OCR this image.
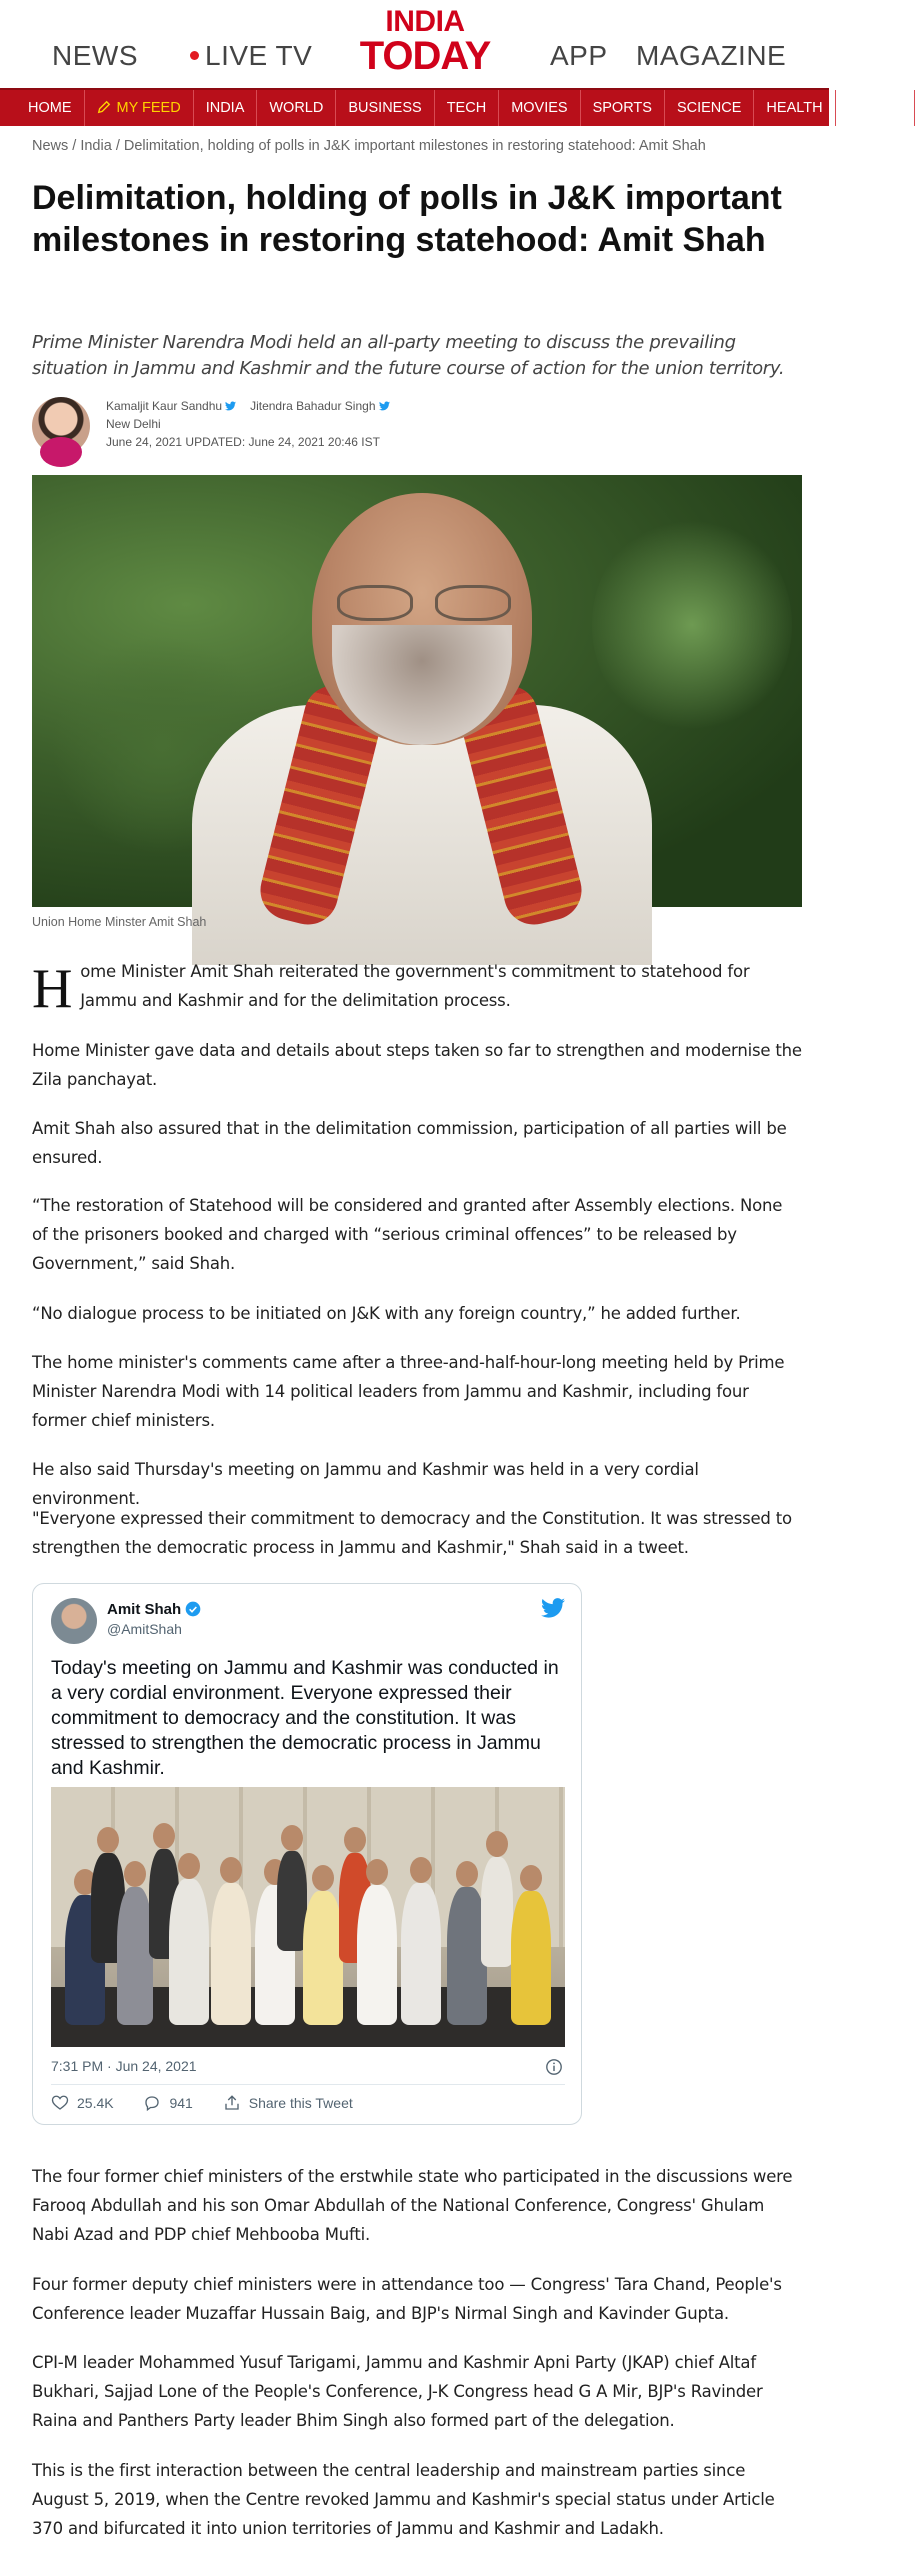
NEWS	LIVE TV
INDIA
TODAY	APP MAGAZINE
HOME	MY FEED INDIA WORLD BUSINESS TECH MOVIES SPORTS SCIENCE HEALTH VIDEOS
News / India / Delimitation, holding of polls in J&K important milestones in restoring statehood: Amit Shah
Delimitation, holding of polls in J&K important milestones in restoring statehood: Amit Shah

Prime Minister Narendra Modi held an all-party meeting to discuss the prevailing situation in Jammu and Kashmir and the future course of action for the union territory.

Kamaljit Kaur Sandhu Jitendra Bahadur Singh
New Delhi
June 24, 2021 UPDATED: June 24, 2021 20:46 IST
Union Home Minster Amit Shah
Home Minister Amit Shah reiterated the government's commitment to statehood for Jammu and Kashmir and for the delimitation process.
Home Minister gave data and details about steps taken so far to strengthen and modernise the Zila panchayat.
Amit Shah also assured that in the delimitation commission, participation of all parties will be ensured.
“The restoration of Statehood will be considered and granted after Assembly elections. None of the prisoners booked and charged with “serious criminal offences” to be released by Government,” said Shah.
“No dialogue process to be initiated on J&K with any foreign country,” he added further.
The home minister's comments came after a three-and-half-hour-long meeting held by Prime Minister Narendra Modi with 14 political leaders from Jammu and Kashmir, including four former chief ministers.
He also said Thursday's meeting on Jammu and Kashmir was held in a very cordial environment.
"Everyone expressed their commitment to democracy and the Constitution. It was stressed to strengthen the democratic process in Jammu and Kashmir," Shah said in a tweet.
Amit Shah
@AmitShah
Today's meeting on Jammu and Kashmir was conducted in a very cordial environment. Everyone expressed their commitment to democracy and the constitution. It was stressed to strengthen the democratic process in Jammu and Kashmir.
7:31 PM · Jun 24, 2021
25.4K	941	Share this Tweet
The four former chief ministers of the erstwhile state who participated in the discussions were Farooq Abdullah and his son Omar Abdullah of the National Conference, Congress' Ghulam Nabi Azad and PDP chief Mehbooba Mufti.
Four former deputy chief ministers were in attendance too — Congress' Tara Chand, People's Conference leader Muzaffar Hussain Baig, and BJP's Nirmal Singh and Kavinder Gupta.
CPI-M leader Mohammed Yusuf Tarigami, Jammu and Kashmir Apni Party (JKAP) chief Altaf Bukhari, Sajjad Lone of the People's Conference, J-K Congress head G A Mir, BJP's Ravinder Raina and Panthers Party leader Bhim Singh also formed part of the delegation.
This is the first interaction between the central leadership and mainstream parties since August 5, 2019, when the Centre revoked Jammu and Kashmir's special status under Article 370 and bifurcated it into union territories of Jammu and Kashmir and Ladakh.
